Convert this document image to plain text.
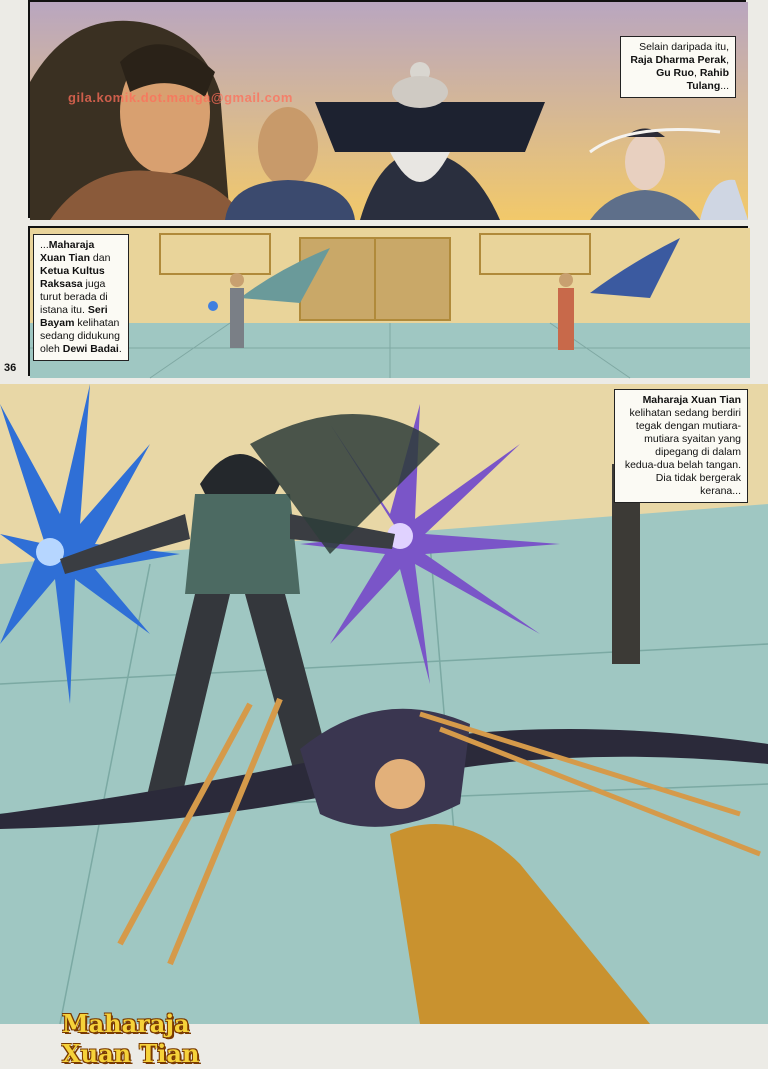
gila.komik.dot.manga@gmail.com
Selain daripada itu, Raja Dharma Perak, Gu Ruo, Rahib Tulang...
...Maharaja Xuan Tian dan Ketua Kultus Raksasa juga turut berada di istana itu. Seri Bayam kelihatan sedang didukung oleh Dewi Badai.
36
Maharaja
Xuan Tian
Maharaja Xuan Tian kelihatan sedang berdiri tegak dengan mutiara-mutiara syaitan yang dipegang di dalam kedua-dua belah tangan. Dia tidak bergerak kerana...
